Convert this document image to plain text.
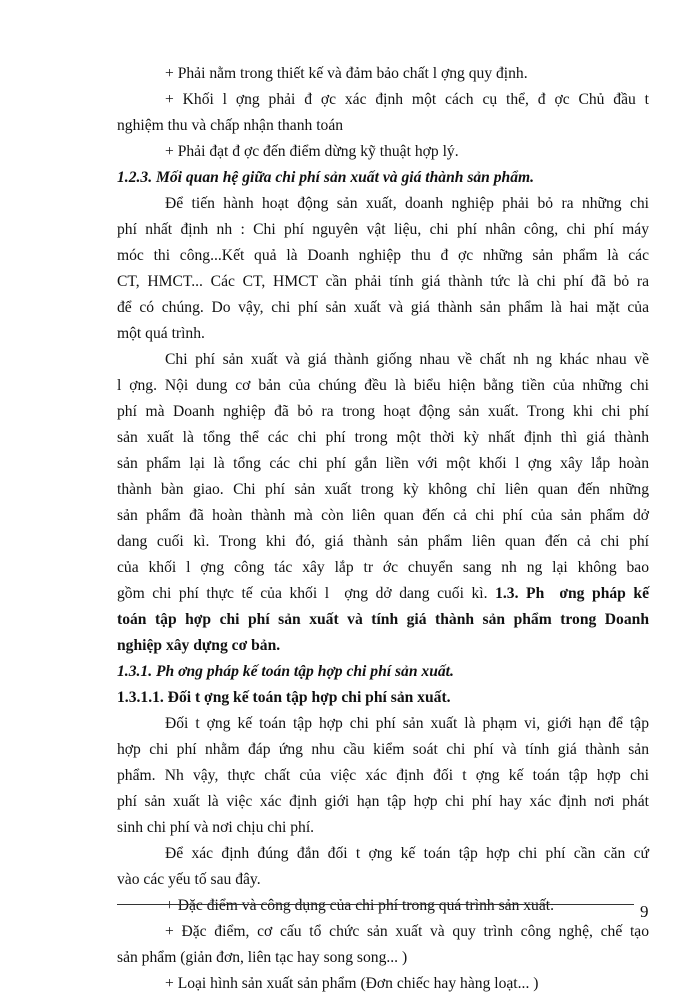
+ Phải nằm trong thiết kế và đảm bảo chất l ợng quy định.
+ Khối l ợng phải đ ợc xác định một cách cụ thể, đ ợc Chủ đầu t
nghiệm thu và chấp nhận thanh toán
+ Phải đạt đ ợc đến điểm dừng kỹ thuật hợp lý.
1.2.3. Mối quan hệ giữa chi phí sản xuất và giá thành sản phẩm.
Để tiến hành hoạt động sản xuất, doanh nghiệp phải bỏ ra những chi
phí nhất định nh : Chi phí nguyên vật liệu, chi phí nhân công, chi phí máy
móc thi công...Kết quả là Doanh nghiệp thu đ ợc những sản phẩm là các
CT, HMCT... Các CT, HMCT cần phải tính giá thành tức là chi phí đã bỏ ra
để có chúng. Do vậy, chi phí sản xuất và giá thành sản phẩm là hai mặt của
một quá trình.
Chi phí sản xuất và giá thành giống nhau về chất nh ng khác nhau về
l ợng. Nội dung cơ bản của chúng đều là biểu hiện bằng tiền của những chi
phí mà Doanh nghiệp đã bỏ ra trong hoạt động sản xuất. Trong khi chi phí
sản xuất là tổng thể các chi phí trong một thời kỳ nhất định thì giá thành
sản phẩm lại là tổng các chi phí gắn liền với một khối l ợng xây lắp hoàn
thành bàn giao. Chi phí sản xuất trong kỳ không chỉ liên quan đến những
sản phẩm đã hoàn thành mà còn liên quan đến cả chi phí của sản phẩm dở
dang cuối kì. Trong khi đó, giá thành sản phẩm liên quan đến cả chi phí
của khối l ợng công tác xây lắp tr ớc chuyển sang nh ng lại không bao
gồm chi phí thực tế của khối l  ợng dở dang cuối kì. 1.3. Ph  ơng pháp kế
toán tập hợp chi phí sản xuất và tính giá thành sản phẩm trong Doanh
nghiệp xây dựng cơ bản.
1.3.1. Ph ơng pháp kế toán tập hợp chi phí sản xuất.
1.3.1.1. Đối t ợng kế toán tập hợp chi phí sản xuất.
Đối t ợng kế toán tập hợp chi phí sản xuất là phạm vi, giới hạn để tập
hợp chi phí nhằm đáp ứng nhu cầu kiểm soát chi phí và tính giá thành sản
phẩm. Nh vậy, thực chất của việc xác định đối t ợng kế toán tập hợp chi
phí sản xuất là việc xác định giới hạn tập hợp chi phí hay xác định nơi phát
sinh chi phí và nơi chịu chi phí.
Để xác định đúng đắn đối t ợng kế toán tập hợp chi phí cần căn cứ
vào các yếu tố sau đây.
+ Đặc điểm và công dụng của chi phí trong quá trình sản xuất.
+ Đặc điểm, cơ cấu tổ chức sản xuất và quy trình công nghệ, chế tạo
sản phẩm (giản đơn, liên tạc hay song song... )
+ Loại hình sản xuất sản phẩm (Đơn chiếc hay hàng loạt... )
9
